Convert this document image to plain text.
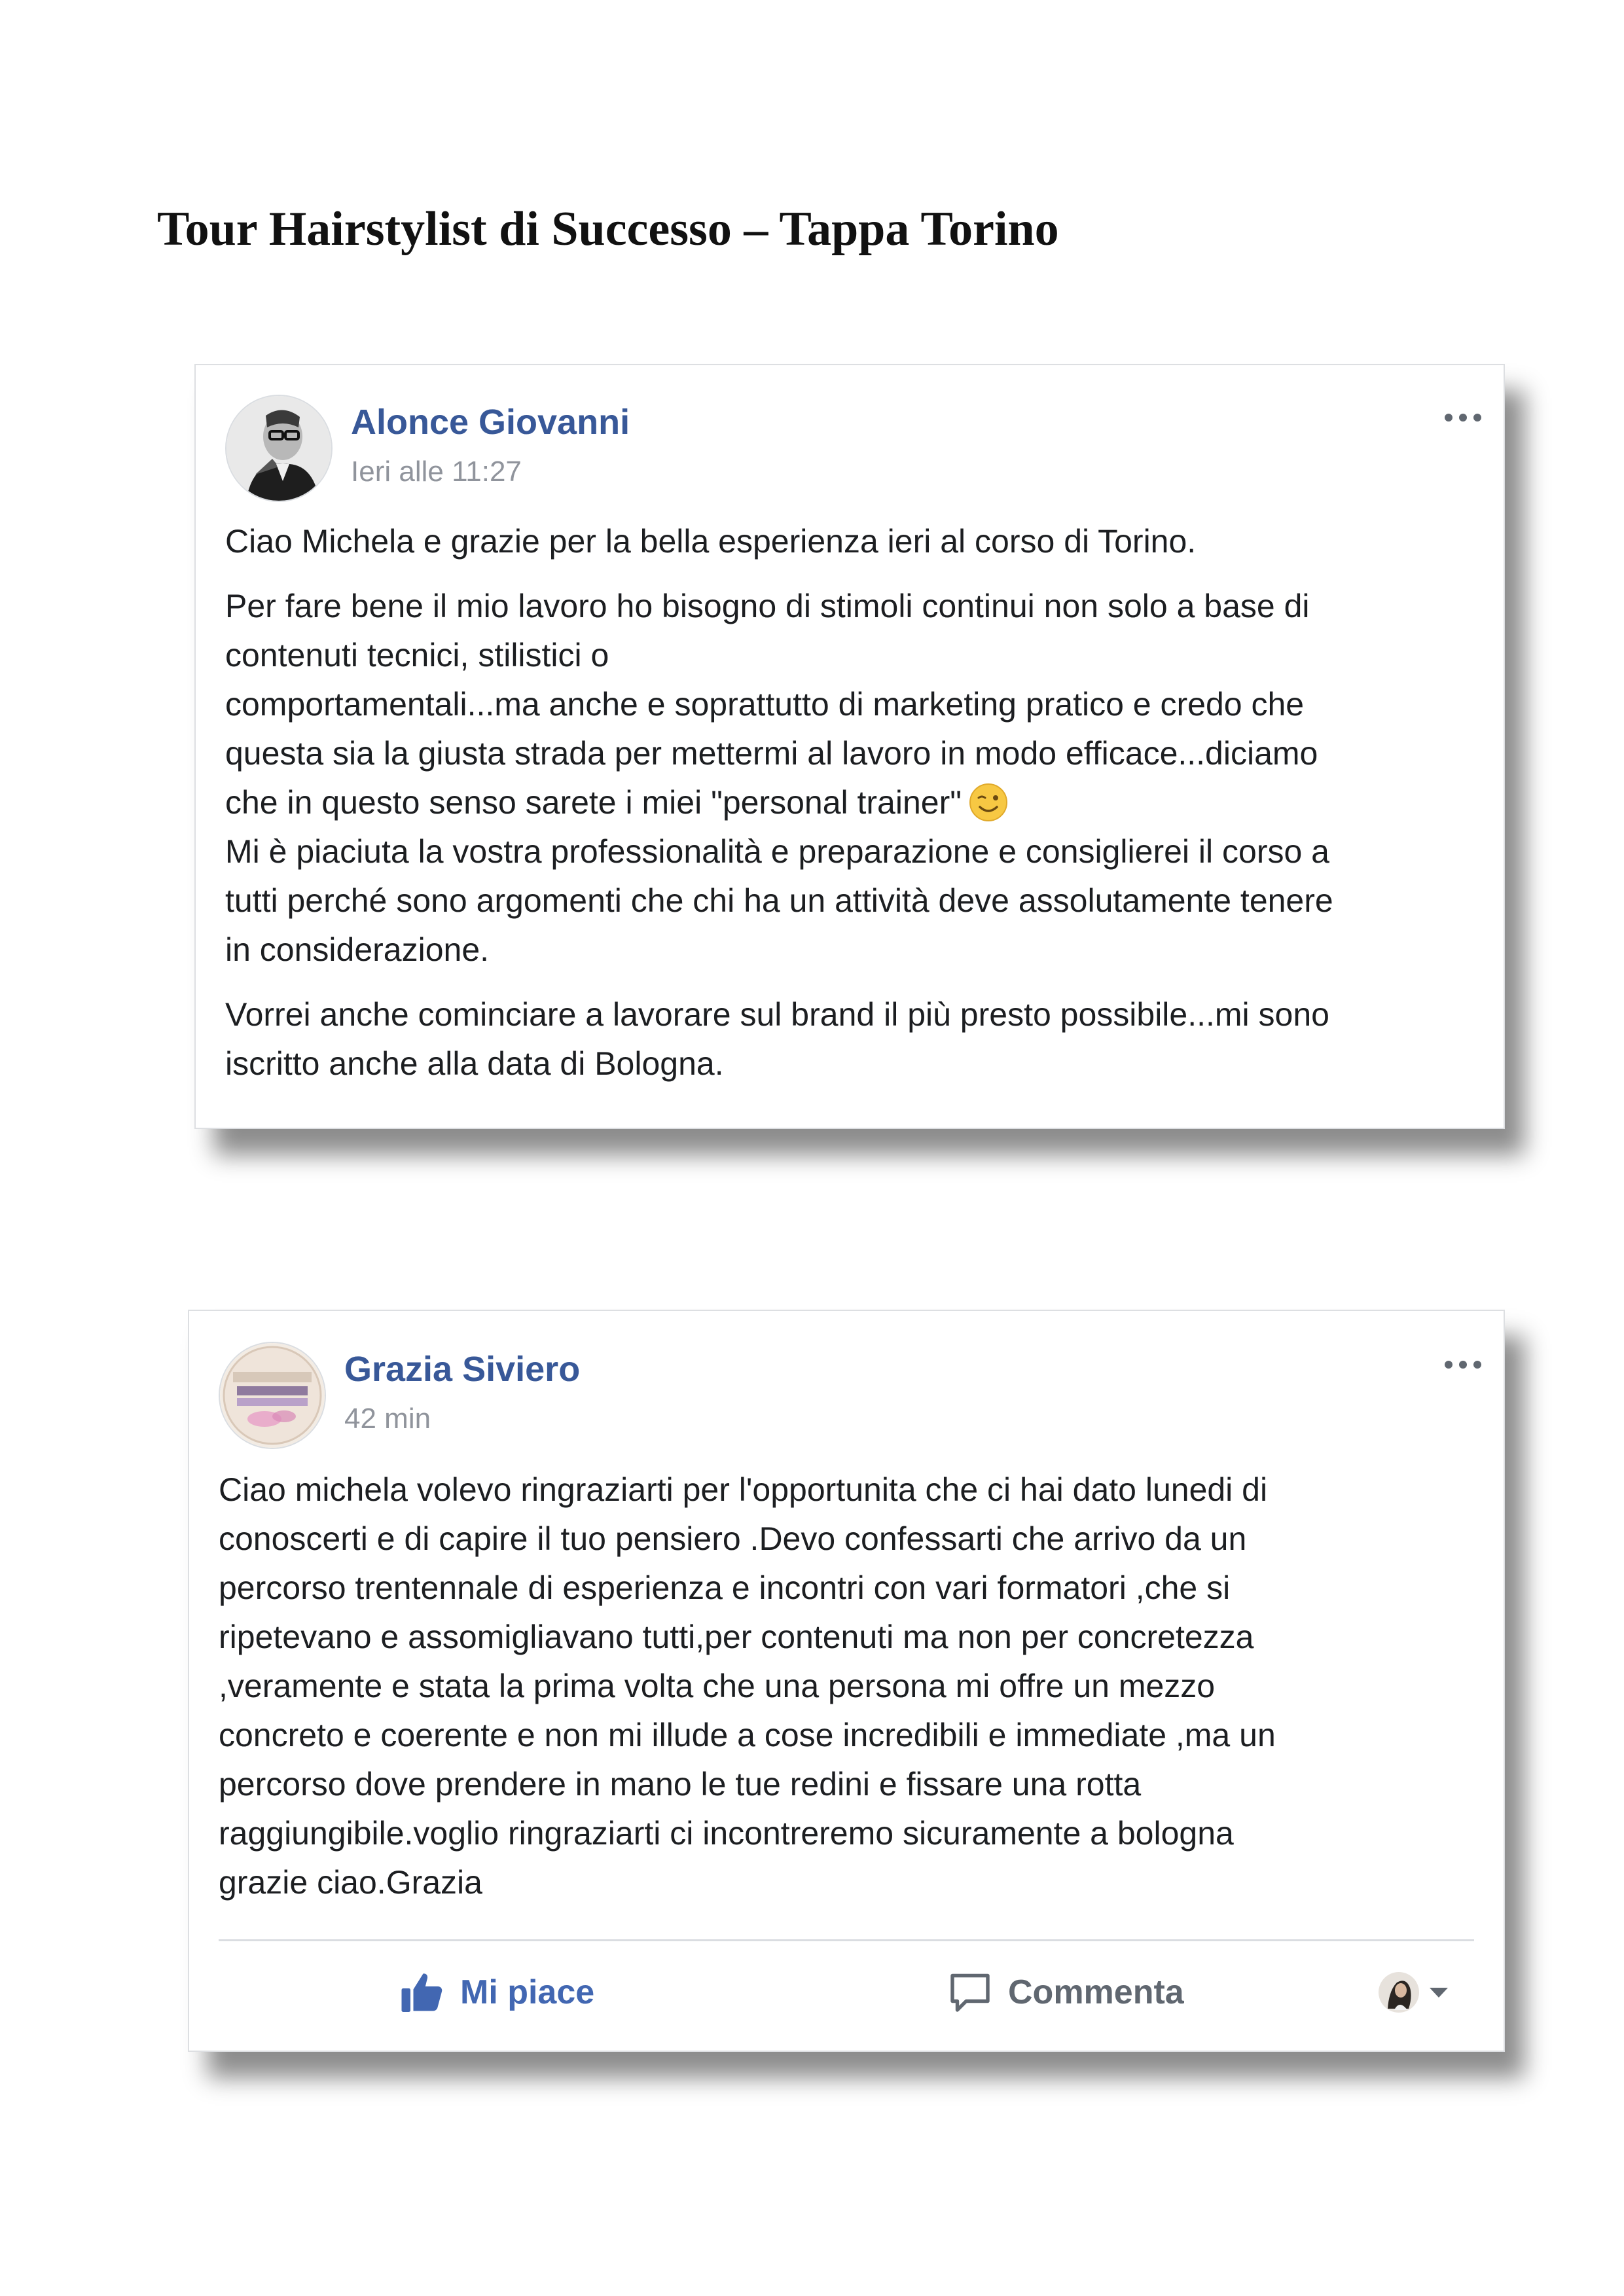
Tour Hairstylist di Successo – Tappa Torino
Alonce Giovanni
Ieri alle 11:27

Ciao Michela e grazie per la bella esperienza ieri al corso di Torino.

Per fare bene il mio lavoro ho bisogno di stimoli continui non solo a base di
contenuti tecnici, stilistici o
comportamentali...ma anche e soprattutto di marketing pratico e credo che
questa sia la giusta strada per mettermi al lavoro in modo efficace...diciamo
che in questo senso sarete i miei "personal trainer"
Mi è piaciuta la vostra professionalità e preparazione e consiglierei il corso a
tutti perché sono argomenti che chi ha un attività deve assolutamente tenere
in considerazione.

Vorrei anche cominciare a lavorare sul brand il più presto possibile...mi sono
iscritto anche alla data di Bologna.

Grazia Siviero
42 min
Ciao michela volevo ringraziarti per l'opportunita che ci hai dato lunedi di
conoscerti e di capire il tuo pensiero .Devo confessarti che arrivo da un
percorso trentennale di esperienza e incontri con vari formatori ,che si
ripetevano e assomigliavano tutti,per contenuti ma non per concretezza
,veramente e stata la prima volta che una persona mi offre un mezzo
concreto e coerente e non mi illude a cose incredibili e immediate ,ma un
percorso dove prendere in mano le tue redini e fissare una rotta
raggiungibile.voglio ringraziarti ci incontreremo sicuramente a bologna
grazie ciao.Grazia
Mi piace	Commenta
